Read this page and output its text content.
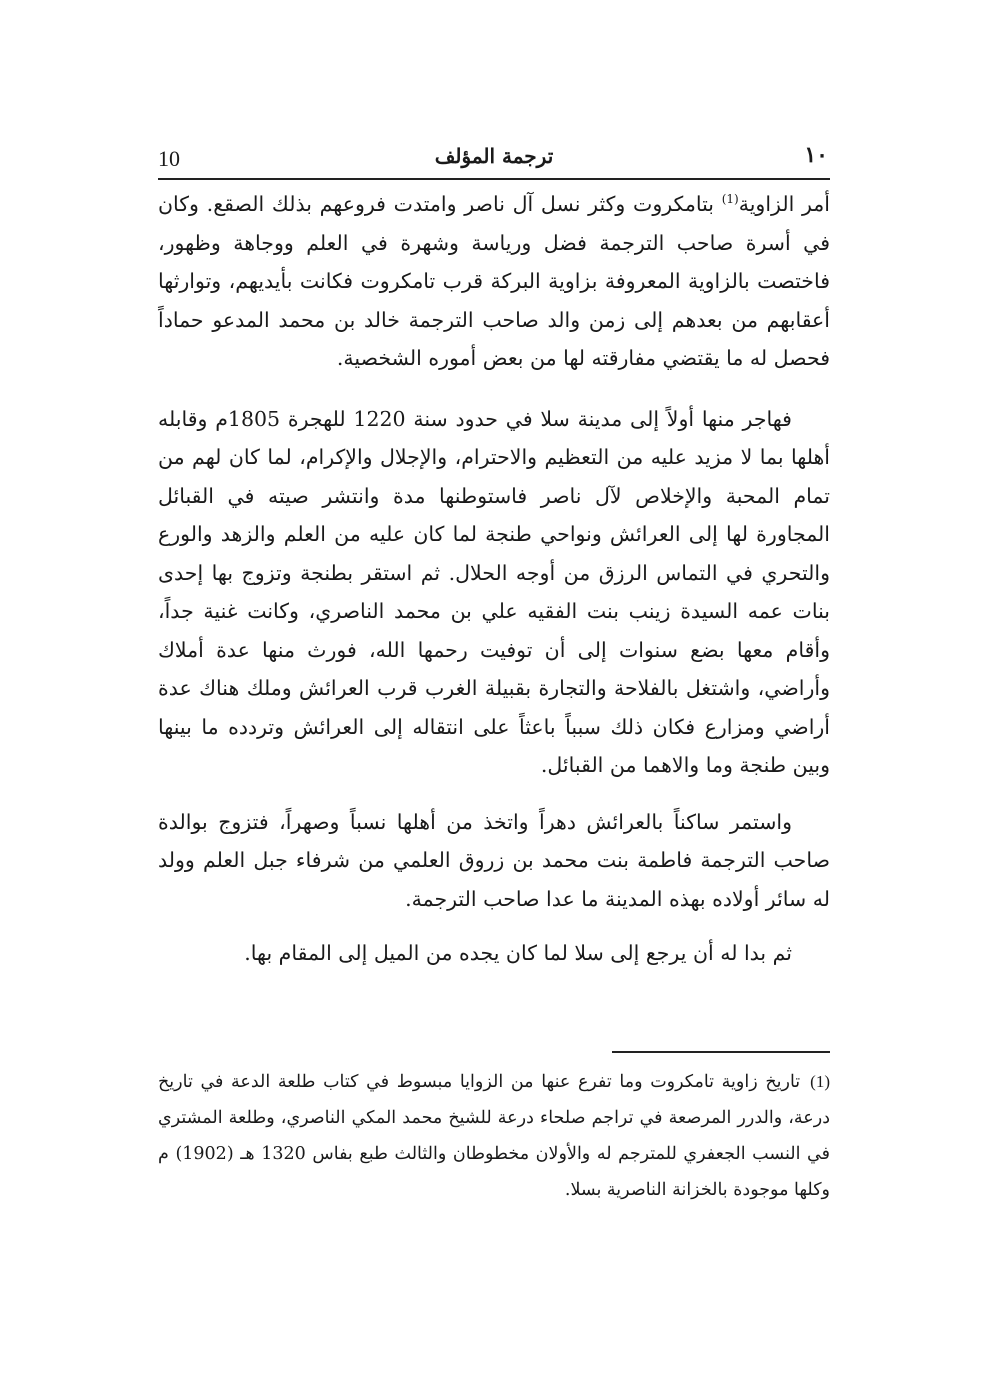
10	ترجمة المؤلف	١٠

أمر الزاوية$^{(1)}$ بتامكروت وكثر نسل آل ناصر وامتدت فروعهم بذلك الصقع. وكان في أسرة صاحب الترجمة فضل ورياسة وشهرة في العلم ووجاهة وظهور، فاختصت بالزاوية المعروفة بزاوية البركة قرب تامكروت فكانت بأيديهم، وتوارثها أعقابهم من بعدهم إلى زمن والد صاحب الترجمة خالد بن محمد المدعو حماداً فحصل له ما يقتضي مفارقته لها من بعض أموره الشخصية.

فهاجر منها أولاً إلى مدينة سلا في حدود سنة 1220 للهجرة 1805م وقابله أهلها بما لا مزيد عليه من التعظيم والاحترام، والإجلال والإكرام، لما كان لهم من تمام المحبة والإخلاص لآل ناصر فاستوطنها مدة وانتشر صيته في القبائل المجاورة لها إلى العرائش ونواحي طنجة لما كان عليه من العلم والزهد والورع والتحري في التماس الرزق من أوجه الحلال. ثم استقر بطنجة وتزوج بها إحدى بنات عمه السيدة زينب بنت الفقيه علي بن محمد الناصري، وكانت غنية جداً، وأقام معها بضع سنوات إلى أن توفيت رحمها الله، فورث منها عدة أملاك وأراضي، واشتغل بالفلاحة والتجارة بقبيلة الغرب قرب العرائش وملك هناك عدة أراضي ومزارع فكان ذلك سبباً باعثاً على انتقاله إلى العرائش وتردده ما بينها وبين طنجة وما والاهما من القبائل.

واستمر ساكناً بالعرائش دهراً واتخذ من أهلها نسباً وصهراً، فتزوج بوالدة صاحب الترجمة فاطمة بنت محمد بن زروق العلمي من شرفاء جبل العلم وولد له سائر أولاده بهذه المدينة ما عدا صاحب الترجمة.

ثم بدا له أن يرجع إلى سلا لما كان يجده من الميل إلى المقام بها.

(1)تاريخ زاوية تامكروت وما تفرع عنها من الزوايا مبسوط في كتاب طلعة الدعة في تاريخ درعة، والدرر المرصعة في تراجم صلحاء درعة للشيخ محمد المكي الناصري، وطلعة المشتري في النسب الجعفري للمترجم له والأولان مخطوطان والثالث طبع بفاس 1320 هـ (1902) م وكلها موجودة بالخزانة الناصرية بسلا.
